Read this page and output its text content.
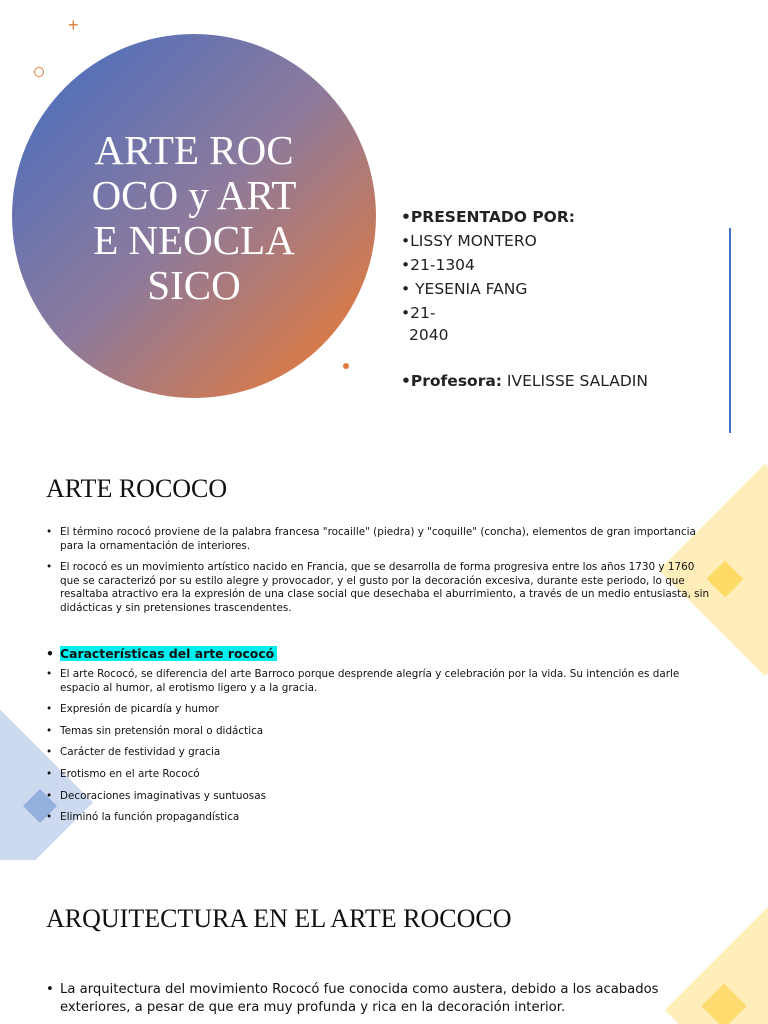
+
ARTE ROCOCO y ARTE NEOCLASICO
•PRESENTADO POR:
•LISSY MONTERO
•21-1304
• YESENIA FANG
•21-
2040
•Profesora: IVELISSE SALADIN
ARTE ROCOCO
• El término rococó proviene de la palabra francesa "rocaille" (piedra) y "coquille" (concha), elementos de gran importancia para la ornamentación de interiores.
• El rococó es un movimiento artístico nacido en Francia, que se desarrolla de forma progresiva entre los años 1730 y 1760 que se caracterizó por su estilo alegre y provocador, y el gusto por la decoración excesiva, durante este periodo, lo que resaltaba atractivo era la expresión de una clase social que desechaba el aburrimiento, a través de un medio entusiasta, sin didácticas y sin pretensiones trascendentes.
• Características del arte rococó
• El arte Rococó, se diferencia del arte Barroco porque desprende alegría y celebración por la vida. Su intención es darle espacio al humor, al erotismo ligero y a la gracia.
• Expresión de picardía y humor
• Temas sin pretensión moral o didáctica
• Carácter de festividad y gracia
• Erotismo en el arte Rococó
• Decoraciones imaginativas y suntuosas
• Eliminó la función propagandística
ARQUITECTURA EN EL ARTE ROCOCO
• La arquitectura del movimiento Rococó fue conocida como austera, debido a los acabados exteriores, a pesar de que era muy profunda y rica en la decoración interior.
